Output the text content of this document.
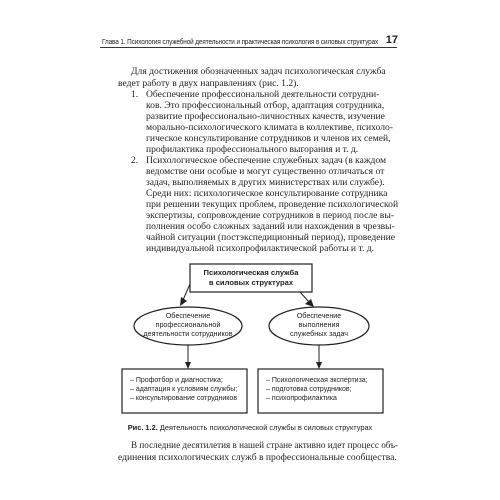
Глава 1. Психология служебной деятельности и практическая психология в силовых структурах 17
Для достижения обозначенных задач психологическая служба
ведет работу в двух направлениях (рис. 1.2).
1. Обеспечение профессиональной деятельности сотрудни-
ков. Это профессиональный отбор, адаптация сотрудника,
развитие профессионально-личностных качеств, изучение
морально-психологического климата в коллективе, психоло-
гическое консультирование сотрудников и членов их семей,
профилактика профессионального выгорания и т. д.
2. Психологическое обеспечение служебных задач (в каждом
ведомстве они особые и могут существенно отличаться от
задач, выполняемых в других министерствах или службе).
Среди них: психологическое консультирование сотрудника
при решении текущих проблем, проведение психологической
экспертизы, сопровождение сотрудников в период после вы-
полнения особо сложных заданий или нахождения в чрезвы-
чайной ситуации (постэкспедиционный период), проведение
индивидуальной психопрофилактической работы и т. д.
Психологическая служба
в силовых структурах
Обеспечение
профессиональной
деятельности сотрудников
Обеспечение
выполнения
служебных задач
– Профотбор и диагностика;
– адаптация к условиям службы;
– консультирование сотрудников
– Психологическая экспертиза;
– подготовка сотрудников;
– психопрофилактика
Рис. 1.2. Деятельность психологической службы в силовых структурах
В последние десятилетия в нашей стране активно идет процесс объ-
единения психологических служб в профессиональные сообщества.
